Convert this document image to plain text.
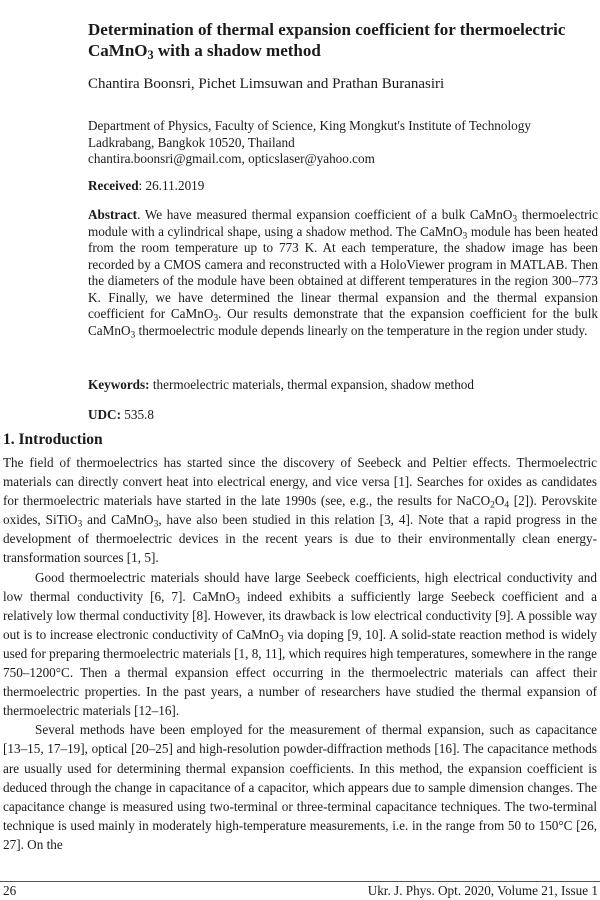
Determination of thermal expansion coefficient for thermoelectric CaMnO$_3$ with a shadow method
Chantira Boonsri, Pichet Limsuwan and Prathan Buranasiri
Department of Physics, Faculty of Science, King Mongkut's Institute of Technology
Ladkrabang, Bangkok 10520, Thailand
chantira.boonsri@gmail.com, opticslaser@yahoo.com
Received: 26.11.2019
Abstract. We have measured thermal expansion coefficient of a bulk CaMnO$_3$ thermoelectric module with a cylindrical shape, using a shadow method. The CaMnO$_3$ module has been heated from the room temperature up to 773 K. At each temperature, the shadow image has been recorded by a CMOS camera and reconstructed with a HoloViewer program in MATLAB. Then the diameters of the module have been obtained at different temperatures in the region 300–773 K. Finally, we have determined the linear thermal expansion and the thermal expansion coefficient for CaMnO$_3$. Our results demonstrate that the expansion coefficient for the bulk CaMnO$_3$ thermoelectric module depends linearly on the temperature in the region under study.
Keywords: thermoelectric materials, thermal expansion, shadow method
UDC: 535.8
1. Introduction

The field of thermoelectrics has started since the discovery of Seebeck and Peltier effects. Thermoelectric materials can directly convert heat into electrical energy, and vice versa [1]. Searches for oxides as candidates for thermoelectric materials have started in the late 1990s (see, e.g., the results for $NaCO_2O_4$ [2]). Perovskite oxides, SiTiO$_3$ and CaMnO$_3$, have also been studied in this relation [3, 4]. Note that a rapid progress in the development of thermoelectric devices in the recent years is due to their environmentally clean energy-transformation sources [1, 5].

Good thermoelectric materials should have large Seebeck coefficients, high electrical conductivity and low thermal conductivity [6, 7]. CaMnO$_3$ indeed exhibits a sufficiently large Seebeck coefficient and a relatively low thermal conductivity [8]. However, its drawback is low electrical conductivity [9]. A possible way out is to increase electronic conductivity of CaMnO$_3$ via doping [9, 10]. A solid-state reaction method is widely used for preparing thermoelectric materials [1, 8, 11], which requires high temperatures, somewhere in the range 750–1200°C. Then a thermal expansion effect occurring in the thermoelectric materials can affect their thermoelectric properties. In the past years, a number of researchers have studied the thermal expansion of thermoelectric materials [12–16].

Several methods have been employed for the measurement of thermal expansion, such as capacitance [13–15, 17–19], optical [20–25] and high-resolution powder-diffraction methods [16]. The capacitance methods are usually used for determining thermal expansion coefficients. In this method, the expansion coefficient is deduced through the change in capacitance of a capacitor, which appears due to sample dimension changes. The capacitance change is measured using two-terminal or three-terminal capacitance techniques. The two-terminal technique is used mainly in moderately high-temperature measurements, i.e. in the range from 50 to 150°C [26, 27]. On the

26	Ukr. J. Phys. Opt. 2020, Volume 21, Issue 1
